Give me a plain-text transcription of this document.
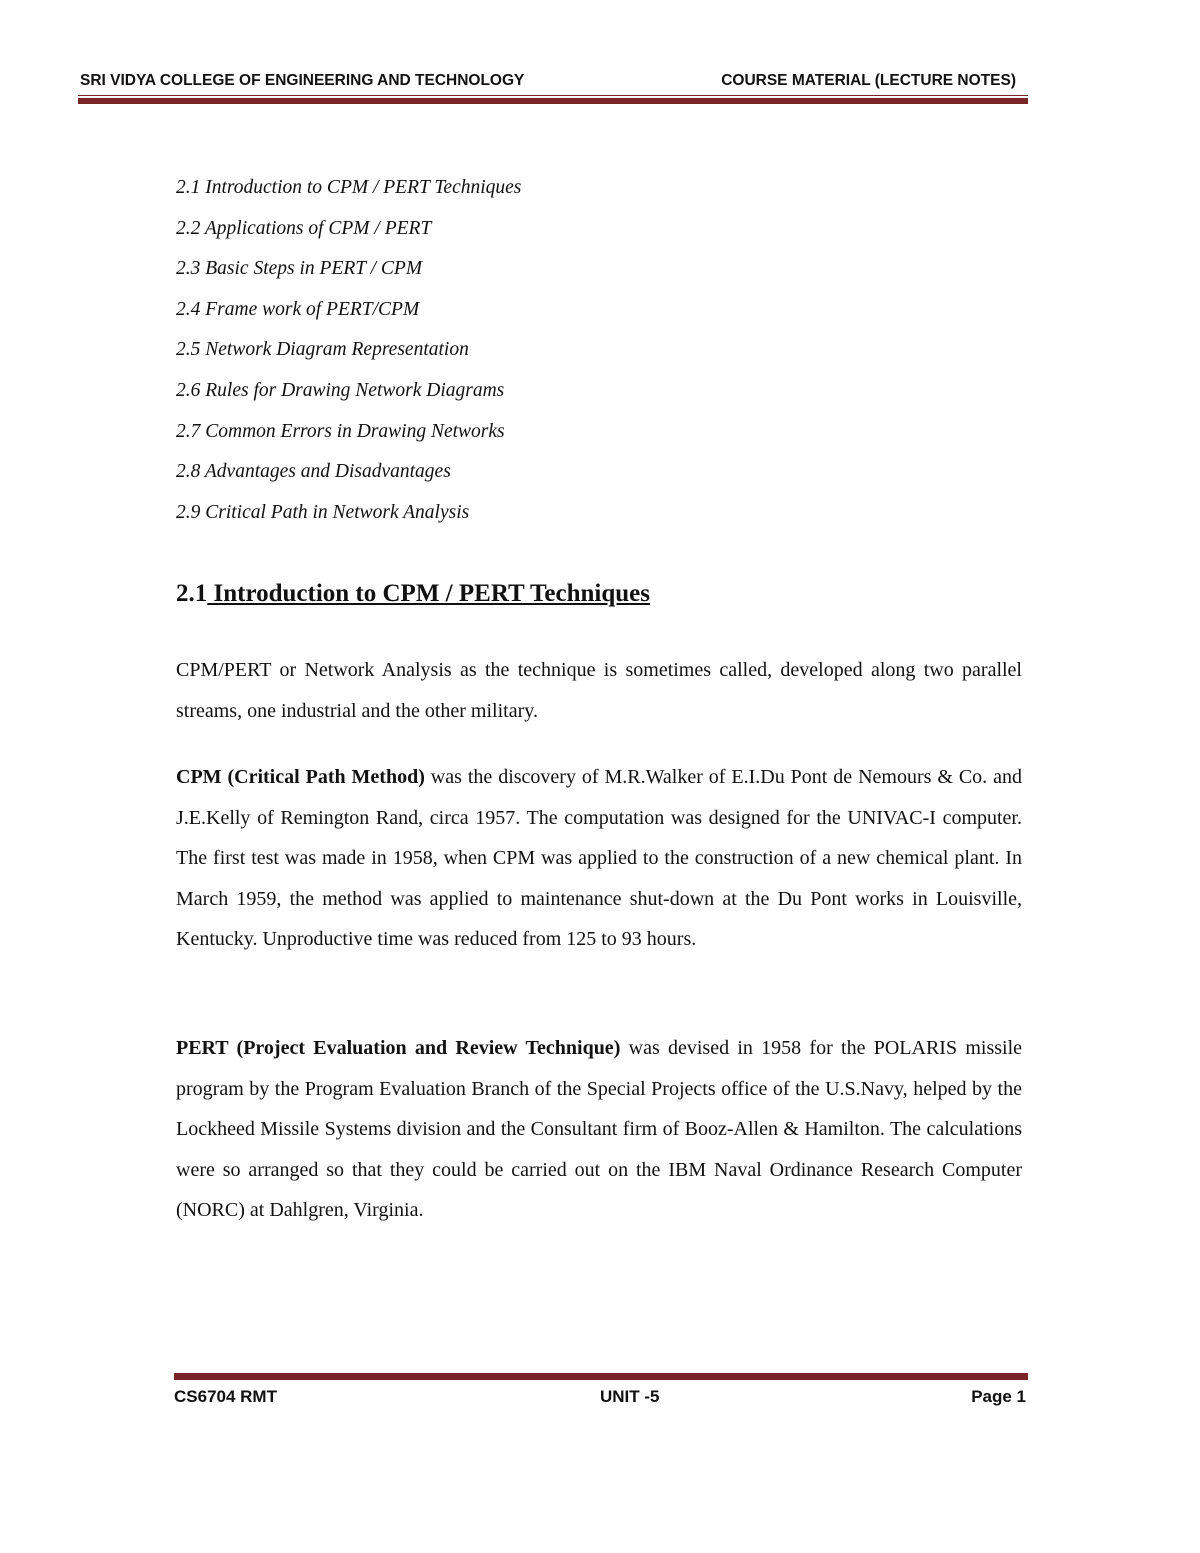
SRI VIDYA COLLEGE OF ENGINEERING AND TECHNOLOGY	COURSE MATERIAL (LECTURE NOTES)
2.1 Introduction to CPM / PERT Techniques
2.2 Applications of CPM / PERT
2.3 Basic Steps in PERT / CPM
2.4 Frame work of PERT/CPM
2.5 Network Diagram Representation
2.6 Rules for Drawing Network Diagrams
2.7 Common Errors in Drawing Networks
2.8 Advantages and Disadvantages
2.9 Critical Path in Network Analysis
2.1 Introduction to CPM / PERT Techniques

CPM/PERT or Network Analysis as the technique is sometimes called, developed along two parallel streams, one industrial and the other military.

CPM (Critical Path Method) was the discovery of M.R.Walker of E.I.Du Pont de Nemours & Co. and J.E.Kelly of Remington Rand, circa 1957. The computation was designed for the UNIVAC-I computer. The first test was made in 1958, when CPM was applied to the construction of a new chemical plant. In March 1959, the method was applied to maintenance shut-down at the Du Pont works in Louisville, Kentucky. Unproductive time was reduced from 125 to 93 hours.

PERT (Project Evaluation and Review Technique) was devised in 1958 for the POLARIS missile program by the Program Evaluation Branch of the Special Projects office of the U.S.Navy, helped by the Lockheed Missile Systems division and the Consultant firm of Booz-Allen & Hamilton. The calculations were so arranged so that they could be carried out on the IBM Naval Ordinance Research Computer (NORC) at Dahlgren, Virginia.

CS6704 RMT	UNIT -5	Page 1
